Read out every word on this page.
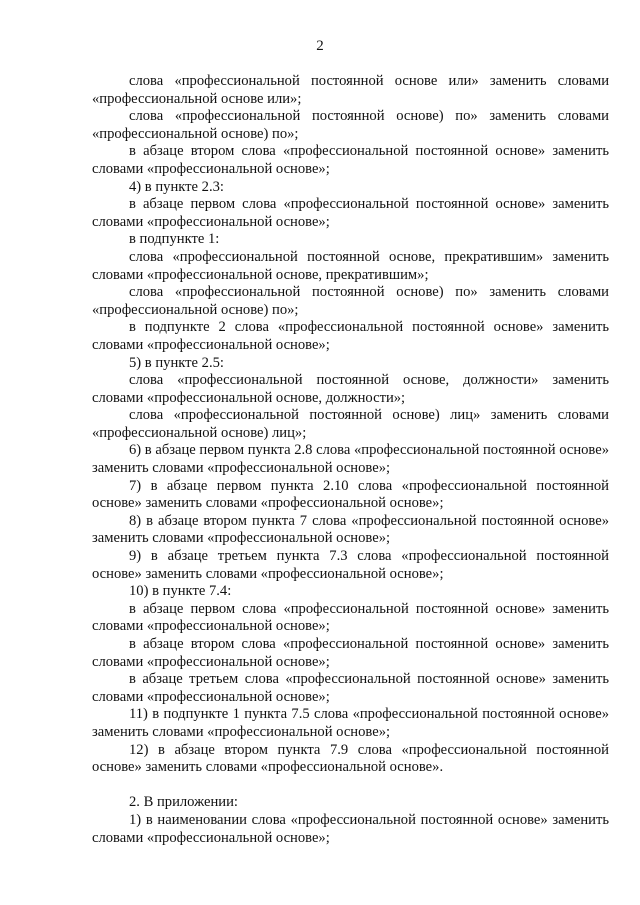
2

слова «профессиональной постоянной основе или» заменить словами «профессиональной основе или»;

слова «профессиональной постоянной основе) по» заменить словами «профессиональной основе) по»;

в абзаце втором слова «профессиональной постоянной основе» заменить словами «профессиональной основе»;

4) в пункте 2.3:

в абзаце первом слова «профессиональной постоянной основе» заменить словами «профессиональной основе»;

в подпункте 1:

слова «профессиональной постоянной основе, прекратившим» заменить словами «профессиональной основе, прекратившим»;

слова «профессиональной постоянной основе) по» заменить словами «профессиональной основе) по»;

в подпункте 2 слова «профессиональной постоянной основе» заменить словами «профессиональной основе»;

5) в пункте 2.5:

слова «профессиональной постоянной основе, должности» заменить словами «профессиональной основе, должности»;

слова «профессиональной постоянной основе) лиц» заменить словами «профессиональной основе) лиц»;

6) в абзаце первом пункта 2.8 слова «профессиональной постоянной основе» заменить словами «профессиональной основе»;

7) в абзаце первом пункта 2.10 слова «профессиональной постоянной основе» заменить словами «профессиональной основе»;

8) в абзаце втором пункта 7 слова «профессиональной постоянной основе» заменить словами «профессиональной основе»;

9) в абзаце третьем пункта 7.3 слова «профессиональной постоянной основе» заменить словами «профессиональной основе»;

10) в пункте 7.4:

в абзаце первом слова «профессиональной постоянной основе» заменить словами «профессиональной основе»;

в абзаце втором слова «профессиональной постоянной основе» заменить словами «профессиональной основе»;

в абзаце третьем слова «профессиональной постоянной основе» заменить словами «профессиональной основе»;

11) в подпункте 1 пункта 7.5 слова «профессиональной постоянной основе» заменить словами «профессиональной основе»;

12) в абзаце втором пункта 7.9 слова «профессиональной постоянной основе» заменить словами «профессиональной основе».

2. В приложении:

1) в наименовании слова «профессиональной постоянной основе» заменить словами «профессиональной основе»;
